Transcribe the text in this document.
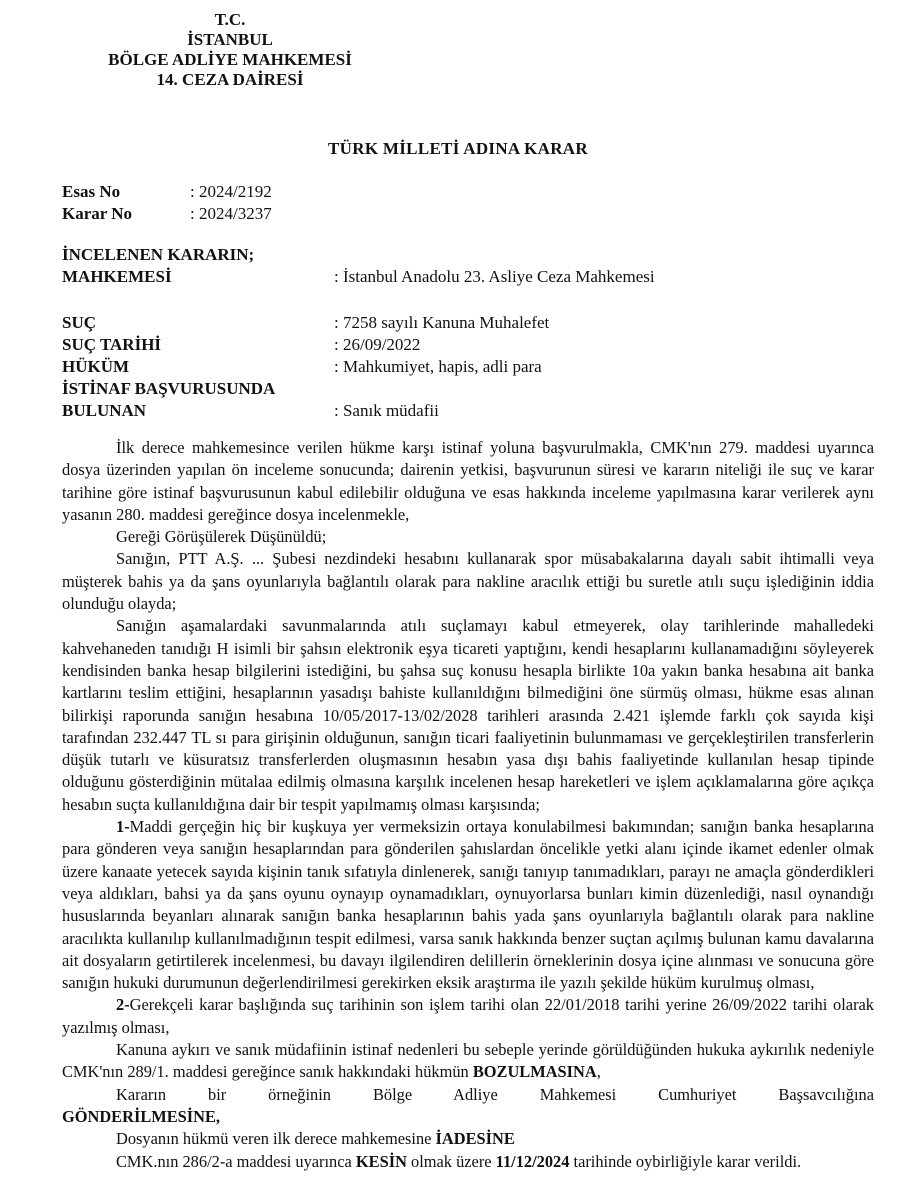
T.C.
İSTANBUL
BÖLGE ADLİYE MAHKEMESİ
14. CEZA DAİRESİ
TÜRK MİLLETİ ADINA KARAR
Esas No	: 2024/2192
Karar No	: 2024/3237
İNCELENEN KARARIN;
MAHKEMESİ	: İstanbul Anadolu 23. Asliye Ceza Mahkemesi
SUÇ	: 7258 sayılı Kanuna Muhalefet
SUÇ TARİHİ	: 26/09/2022
HÜKÜM	: Mahkumiyet, hapis, adli para
İSTİNAF BAŞVURUSUNDA
BULUNAN	: Sanık müdafii

İlk derece mahkemesince verilen hükme karşı istinaf yoluna başvurulmakla, CMK'nın 279. maddesi uyarınca dosya üzerinden yapılan ön inceleme sonucunda; dairenin yetkisi, başvurunun süresi ve kararın niteliği ile suç ve karar tarihine göre istinaf başvurusunun kabul edilebilir olduğuna ve esas hakkında inceleme yapılmasına karar verilerek aynı yasanın 280. maddesi gereğince dosya incelenmekle,

Gereği Görüşülerek Düşünüldü;

Sanığın, PTT A.Ş. ... Şubesi nezdindeki hesabını kullanarak spor müsabakalarına dayalı sabit ihtimalli veya müşterek bahis ya da şans oyunlarıyla bağlantılı olarak para nakline aracılık ettiği bu suretle atılı suçu işlediğinin iddia olunduğu olayda;

Sanığın aşamalardaki savunmalarında atılı suçlamayı kabul etmeyerek, olay tarihlerinde mahalledeki kahvehaneden tanıdığı H isimli bir şahsın elektronik eşya ticareti yaptığını, kendi hesaplarını kullanamadığını söyleyerek kendisinden banka hesap bilgilerini istediğini, bu şahsa suç konusu hesapla birlikte 10a yakın banka hesabına ait banka kartlarını teslim ettiğini, hesaplarının yasadışı bahiste kullanıldığını bilmediğini öne sürmüş olması, hükme esas alınan bilirkişi raporunda sanığın hesabına 10/05/2017-13/02/2028 tarihleri arasında 2.421 işlemde farklı çok sayıda kişi tarafından 232.447 TL sı para girişinin olduğunun, sanığın ticari faaliyetinin bulunmaması ve gerçekleştirilen transferlerin düşük tutarlı ve küsuratsız transferlerden oluşmasının hesabın yasa dışı bahis faaliyetinde kullanılan hesap tipinde olduğunu gösterdiğinin mütalaa edilmiş olmasına karşılık incelenen hesap hareketleri ve işlem açıklamalarına göre açıkça hesabın suçta kullanıldığına dair bir tespit yapılmamış olması karşısında;

1-Maddi gerçeğin hiç bir kuşkuya yer vermeksizin ortaya konulabilmesi bakımından; sanığın banka hesaplarına para gönderen veya sanığın hesaplarından para gönderilen şahıslardan öncelikle yetki alanı içinde ikamet edenler olmak üzere kanaate yetecek sayıda kişinin tanık sıfatıyla dinlenerek, sanığı tanıyıp tanımadıkları, parayı ne amaçla gönderdikleri veya aldıkları, bahsi ya da şans oyunu oynayıp oynamadıkları, oynuyorlarsa bunları kimin düzenlediği, nasıl oynandığı hususlarında beyanları alınarak sanığın banka hesaplarının bahis yada şans oyunlarıyla bağlantılı olarak para nakline aracılıkta kullanılıp kullanılmadığının tespit edilmesi, varsa sanık hakkında benzer suçtan açılmış bulunan kamu davalarına ait dosyaların getirtilerek incelenmesi, bu davayı ilgilendiren delillerin örneklerinin dosya içine alınması ve sonucuna göre sanığın hukuki durumunun değerlendirilmesi gerekirken eksik araştırma ile yazılı şekilde hüküm kurulmuş olması,

2-Gerekçeli karar başlığında suç tarihinin son işlem tarihi olan 22/01/2018 tarihi yerine 26/09/2022 tarihi olarak yazılmış olması,

Kanuna aykırı ve sanık müdafiinin istinaf nedenleri bu sebeple yerinde görüldüğünden hukuka aykırılık nedeniyle CMK'nın 289/1. maddesi gereğince sanık hakkındaki hükmün BOZULMASINA,

Kararın bir örneğinin Bölge Adliye Mahkemesi Cumhuriyet Başsavcılığına

GÖNDERİLMESİNE,

Dosyanın hükmü veren ilk derece mahkemesine İADESİNE

CMK.nın 286/2-a maddesi uyarınca KESİN olmak üzere 11/12/2024 tarihinde oybirliğiyle karar verildi.
